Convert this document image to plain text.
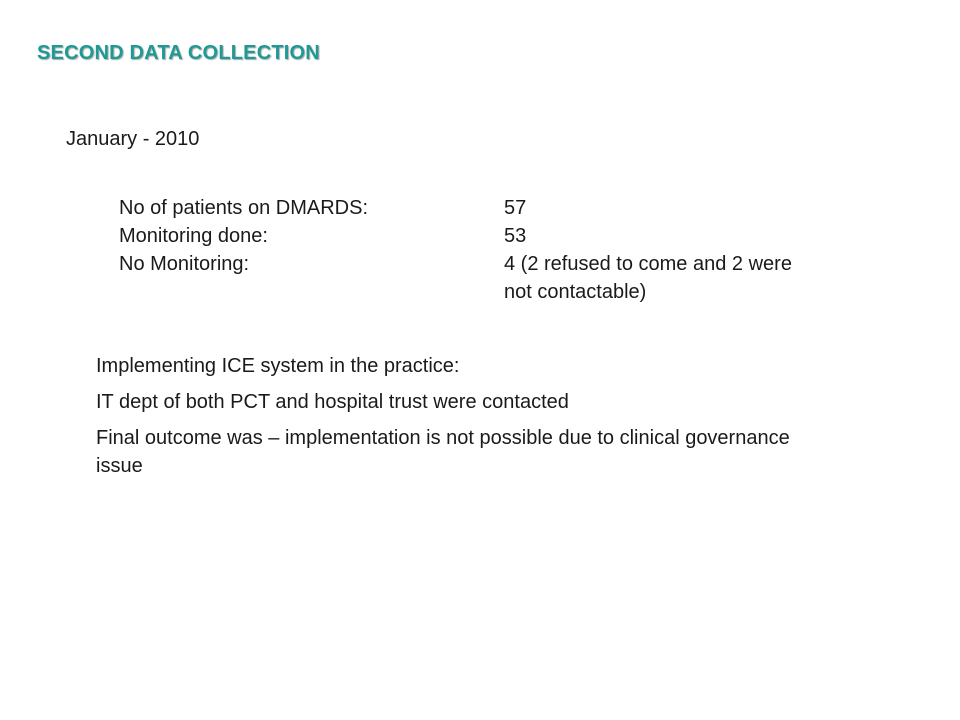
SECOND DATA COLLECTION
January - 2010
No of patients on DMARDS:	57
Monitoring done:	53
No Monitoring:	4 (2 refused to come and 2 were not contactable)

Implementing ICE system in the practice:

IT dept of both PCT and hospital trust were contacted

Final outcome was – implementation is not possible due to clinical governance issue
